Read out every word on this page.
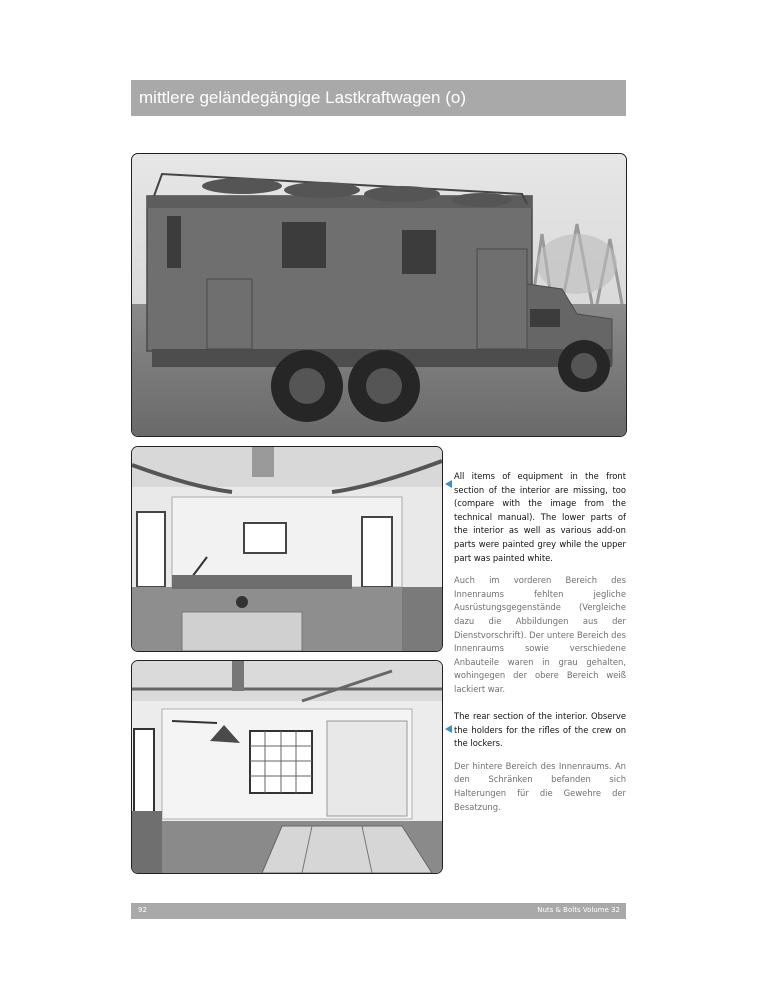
mittlere geländegängige Lastkraftwagen (o)
All items of equipment in the front section of the interior are missing, too (compare with the image from the technical manual). The lower parts of the interior as well as various add-on parts were painted grey while the upper part was painted white.
Auch im vorderen Bereich des Innenraums fehlten jegliche Ausrüstungsgegenstände (Vergleiche dazu die Abbildungen aus der Dienstvorschrift). Der untere Bereich des Innenraums sowie verschiedene Anbauteile waren in grau gehalten, wohingegen der obere Bereich weiß lackiert war.
The rear section of the interior. Observe the holders for the rifles of the crew on the lockers.
Der hintere Bereich des Innenraums. An den Schränken befanden sich Halterungen für die Gewehre der Besatzung.
92	Nuts & Bolts Volume 32
